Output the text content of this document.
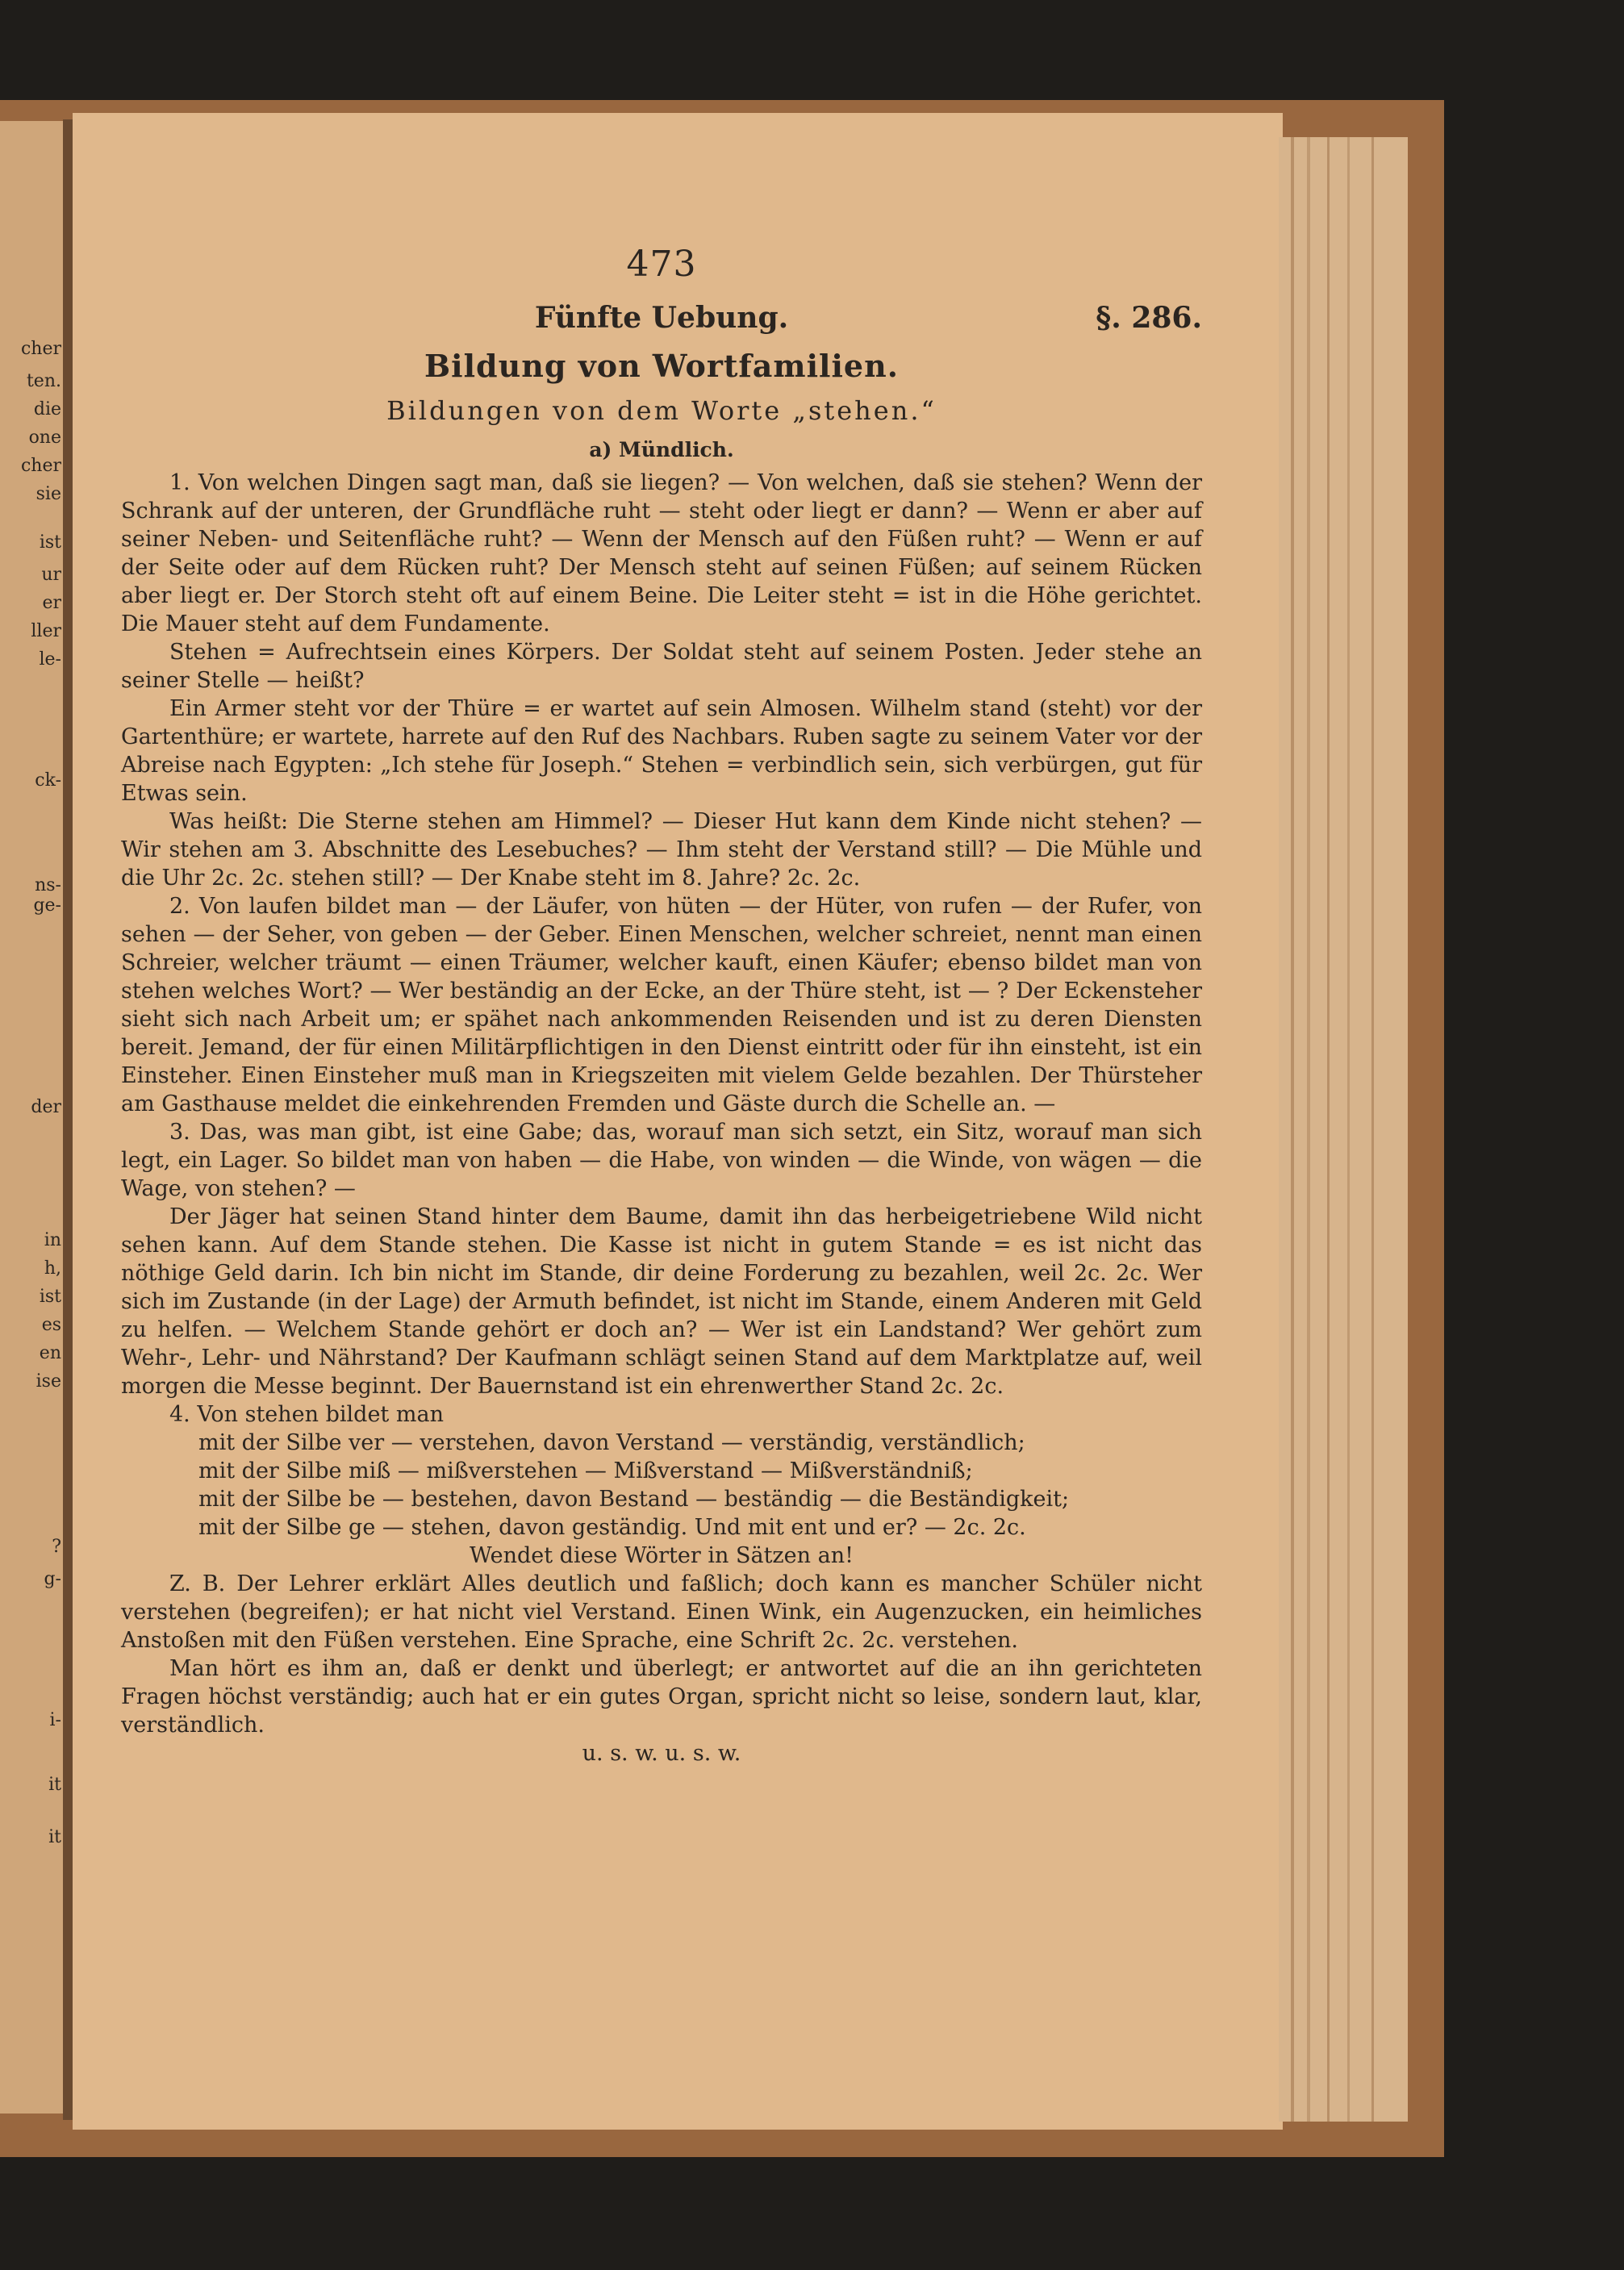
cher
ten.
die
one
cher
sie
ist
ur
er
ller
le-
ck-
ns-
ge-
der
in
h,
ist
es
en
ise
?
g-
i-
it
it
473
Fünfte Uebung.	§. 286.
Bildung von Wortfamilien.
Bildungen von dem Worte „stehen.“
a) Mündlich.

1. Von welchen Dingen sagt man, daß sie liegen? — Von welchen, daß sie stehen? Wenn der Schrank auf der unteren, der Grundfläche ruht — steht oder liegt er dann? — Wenn er aber auf seiner Neben- und Seitenfläche ruht? — Wenn der Mensch auf den Füßen ruht? — Wenn er auf der Seite oder auf dem Rücken ruht? Der Mensch steht auf seinen Füßen; auf seinem Rücken aber liegt er. Der Storch steht oft auf einem Beine. Die Leiter steht = ist in die Höhe gerichtet. Die Mauer steht auf dem Fundamente.

Stehen = Aufrechtsein eines Körpers. Der Soldat steht auf seinem Posten. Jeder stehe an seiner Stelle — heißt?

Ein Armer steht vor der Thüre = er wartet auf sein Almosen. Wilhelm stand (steht) vor der Gartenthüre; er wartete, harrete auf den Ruf des Nachbars. Ruben sagte zu seinem Vater vor der Abreise nach Egypten: „Ich stehe für Joseph.“ Stehen = verbindlich sein, sich verbürgen, gut für Etwas sein.

Was heißt: Die Sterne stehen am Himmel? — Dieser Hut kann dem Kinde nicht stehen? — Wir stehen am 3. Abschnitte des Lesebuches? — Ihm steht der Verstand still? — Die Mühle und die Uhr 2c. 2c. stehen still? — Der Knabe steht im 8. Jahre? 2c. 2c.

2. Von laufen bildet man — der Läufer, von hüten — der Hüter, von rufen — der Rufer, von sehen — der Seher, von geben — der Geber. Einen Menschen, welcher schreiet, nennt man einen Schreier, welcher träumt — einen Träumer, welcher kauft, einen Käufer; ebenso bildet man von stehen welches Wort? — Wer beständig an der Ecke, an der Thüre steht, ist — ? Der Eckensteher sieht sich nach Arbeit um; er spähet nach ankommenden Reisenden und ist zu deren Diensten bereit. Jemand, der für einen Militärpflichtigen in den Dienst eintritt oder für ihn einsteht, ist ein Einsteher. Einen Einsteher muß man in Kriegszeiten mit vielem Gelde bezahlen. Der Thürsteher am Gasthause meldet die einkehrenden Fremden und Gäste durch die Schelle an. —

3. Das, was man gibt, ist eine Gabe; das, worauf man sich setzt, ein Sitz, worauf man sich legt, ein Lager. So bildet man von haben — die Habe, von winden — die Winde, von wägen — die Wage, von stehen? —

Der Jäger hat seinen Stand hinter dem Baume, damit ihn das herbeigetriebene Wild nicht sehen kann. Auf dem Stande stehen. Die Kasse ist nicht in gutem Stande = es ist nicht das nöthige Geld darin. Ich bin nicht im Stande, dir deine Forderung zu bezahlen, weil 2c. 2c. Wer sich im Zustande (in der Lage) der Armuth befindet, ist nicht im Stande, einem Anderen mit Geld zu helfen. — Welchem Stande gehört er doch an? — Wer ist ein Landstand? Wer gehört zum Wehr-, Lehr- und Nährstand? Der Kaufmann schlägt seinen Stand auf dem Marktplatze auf, weil morgen die Messe beginnt. Der Bauernstand ist ein ehrenwerther Stand 2c. 2c.

4. Von stehen bildet man

mit der Silbe ver — verstehen, davon Verstand — verständig, verständlich;

mit der Silbe miß — mißverstehen — Mißverstand — Mißverständniß;

mit der Silbe be — bestehen, davon Bestand — beständig — die Beständigkeit;

mit der Silbe ge — stehen, davon geständig. Und mit ent und er? — 2c. 2c.

Wendet diese Wörter in Sätzen an!

Z. B. Der Lehrer erklärt Alles deutlich und faßlich; doch kann es mancher Schüler nicht verstehen (begreifen); er hat nicht viel Verstand. Einen Wink, ein Augenzucken, ein heimliches Anstoßen mit den Füßen verstehen. Eine Sprache, eine Schrift 2c. 2c. verstehen.

Man hört es ihm an, daß er denkt und überlegt; er antwortet auf die an ihn gerichteten Fragen höchst verständig; auch hat er ein gutes Organ, spricht nicht so leise, sondern laut, klar, verständlich.

u. s. w. u. s. w.
